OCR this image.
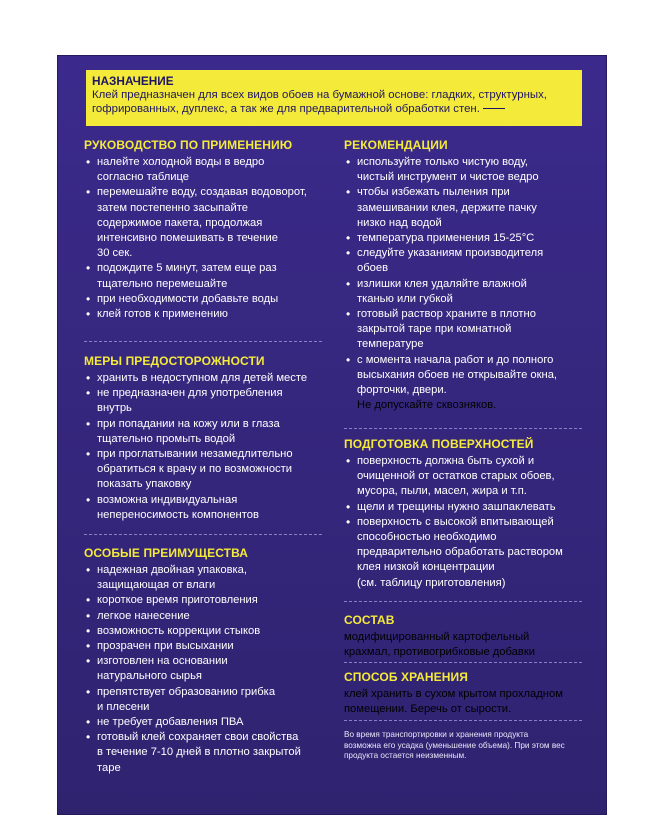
НАЗНАЧЕНИЕ
Клей предназначен для всех видов обоев на бумажной основе: гладких, структурных,
гофрированных, дуплекс, а так же для предварительной обработки стен.
РУКОВОДСТВО ПО ПРИМЕНЕНИЮ
• налейте холодной воды в ведро
согласно таблице
• перемешайте воду, создавая водоворот,
затем постепенно засыпайте
содержимое пакета, продолжая
интенсивно помешивать в течение
30 сек.
• подождите 5 минут, затем еще раз
тщательно перемешайте
• при необходимости добавьте воды
• клей готов к применению
МЕРЫ ПРЕДОСТОРОЖНОСТИ
• хранить в недоступном для детей месте
• не предназначен для употребления
внутрь
• при попадании на кожу или в глаза
тщательно промыть водой
• при проглатывании незамедлительно
обратиться к врачу и по возможности
показать упаковку
• возможна индивидуальная
непереносимость компонентов
ОСОБЫЕ ПРЕИМУЩЕСТВА
• надежная двойная упаковка,
защищающая от влаги
• короткое время приготовления
• легкое нанесение
• возможность коррекции стыков
• прозрачен при высыхании
• изготовлен на основании
натурального сырья
• препятствует образованию грибка
и плесени
• не требует добавления ПВА
• готовый клей сохраняет свои свойства
в течение 7-10 дней в плотно закрытой
таре
РЕКОМЕНДАЦИИ
• используйте только чистую воду,
чистый инструмент и чистое ведро
• чтобы избежать пыления при
замешивании клея, держите пачку
низко над водой
• температура применения 15-25°С
• следуйте указаниям производителя
обоев
• излишки клея удаляйте влажной
тканью или губкой
• готовый раствор храните в плотно
закрытой таре при комнатной
температуре
• с момента начала работ и до полного
высыхания обоев не открывайте окна,
форточки, двери.
Не допускайте сквозняков.
ПОДГОТОВКА ПОВЕРХНОСТЕЙ
• поверхность должна быть сухой и
очищенной от остатков старых обоев,
мусора, пыли, масел, жира и т.п.
• щели и трещины нужно зашпаклевать
• поверхность с высокой впитывающей
способностью необходимо
предварительно обработать раствором
клея низкой концентрации
(см. таблицу приготовления)
СОСТАВ

модифицированный картофельный

крахмал, противогрибковые добавки

СПОСОБ ХРАНЕНИЯ

клей хранить в сухом крытом прохладном

помещении. Беречь от сырости.

Во время транспортировки и хранения продукта
возможна его усадка (уменьшение объема). При этом вес
продукта остается неизменным.
